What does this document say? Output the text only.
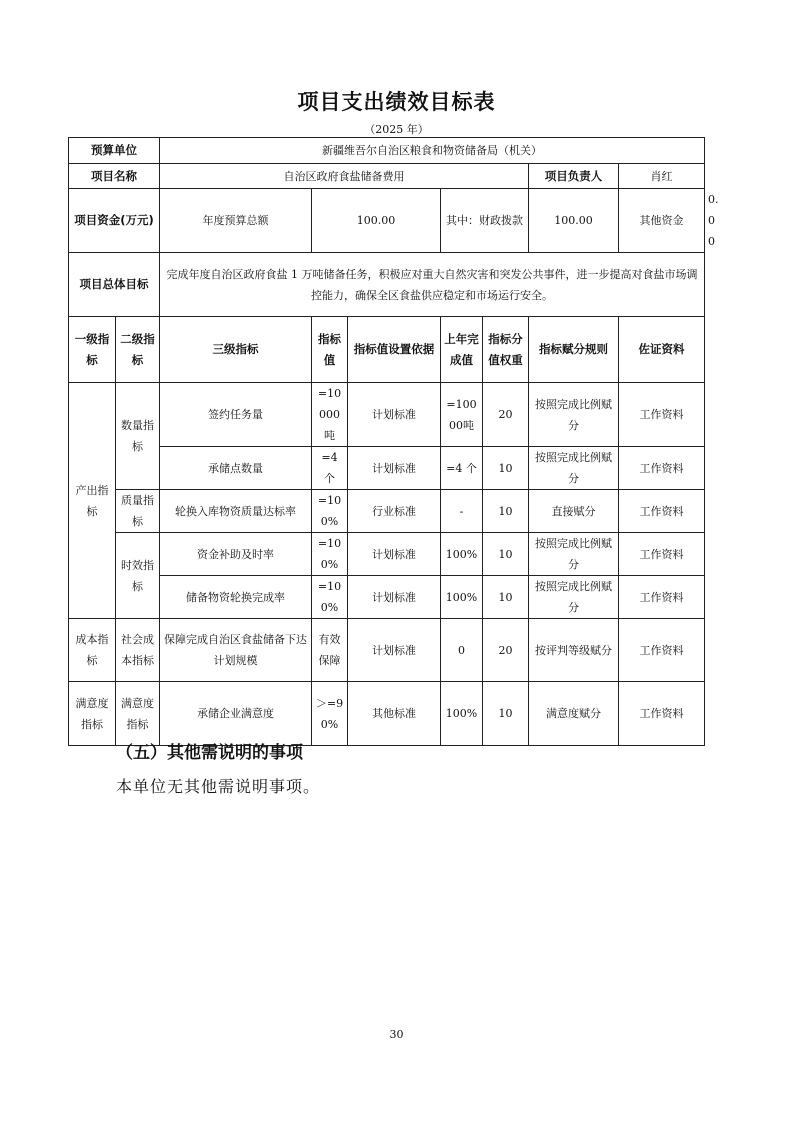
项目支出绩效目标表
（2025 年）
预算单位		新疆维吾尔自治区粮食和物资储备局（机关）							
项目名称		自治区政府食盐储备费用					项目负责人	肖红	
项目资金(万元)		年度预算总额	100.00		其中：财政拨款		100.00	其他资金	0.00
项目总体目标		完成年度自治区政府食盐 1 万吨储备任务，积极应对重大自然灾害和突发公共事件，进一步提高对食盐市场调控能力，确保全区食盐供应稳定和市场运行安全。							
一级指标	二级指标	三级指标	指标值	指标值设置依据	上年完成值	指标分值权重	指标赋分规则	佐证资料	
产出指标	数量指标	签约任务量	=10000吨	计划标准	=10000吨	20	按照完成比例赋分	工作资料	
		承储点数量	=4 个	计划标准	=4 个	10	按照完成比例赋分	工作资料	
	质量指标	轮换入库物资质量达标率	=100%	行业标准	-	10	直接赋分	工作资料	
	时效指标	资金补助及时率	=100%	计划标准	100%	10	按照完成比例赋分	工作资料	
		储备物资轮换完成率	=100%	计划标准	100%	10	按照完成比例赋分	工作资料	
成本指标	社会成本指标	保障完成自治区食盐储备下达计划规模	有效保障	计划标准	0	20	按评判等级赋分	工作资料	
满意度指标	满意度指标	承储企业满意度	＞=90%	其他标准	100%	10	满意度赋分	工作资料	
（五）其他需说明的事项
本单位无其他需说明事项。
30
